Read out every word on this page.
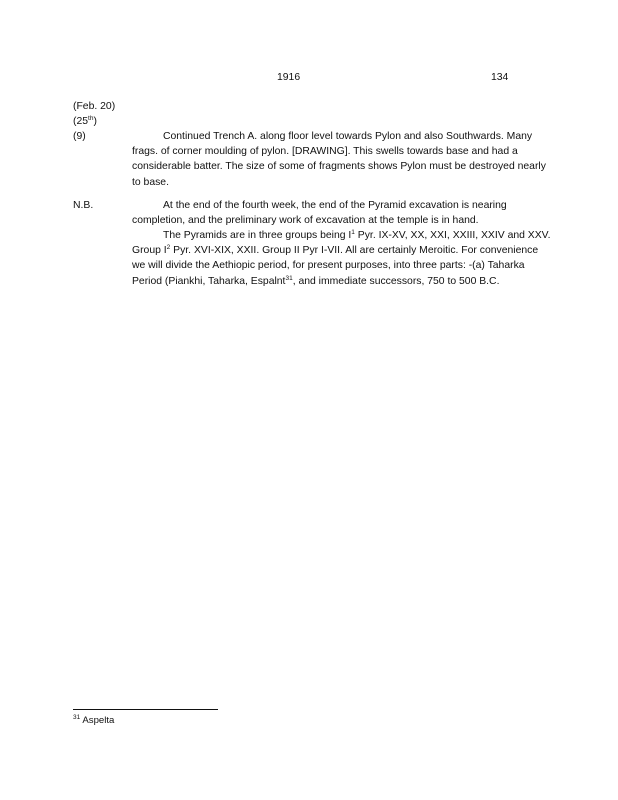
1916	134
(Feb. 20)
(25th)
(9)	Continued Trench A. along floor level towards Pylon and also Southwards. Many frags. of corner moulding of pylon. [DRAWING]. This swells towards base and had a considerable batter. The size of some of fragments shows Pylon must be destroyed nearly to base.
N.B.	At the end of the fourth week, the end of the Pyramid excavation is nearing completion, and the preliminary work of excavation at the temple is in hand.
The Pyramids are in three groups being $I^1$ Pyr. IX-XV, XX, XXI, XXIII, XXIV and XXV. Group $I^2$ Pyr. XVI-XIX, XXII. Group II Pyr I-VII. All are certainly Meroitic. For convenience we will divide the Aethiopic period, for present purposes, into three parts: -(a) Taharka Period (Piankhi, Taharka, Espalnt$^{31}$, and immediate successors, 750 to 500 B.C.
$^{31}$ Aspelta
